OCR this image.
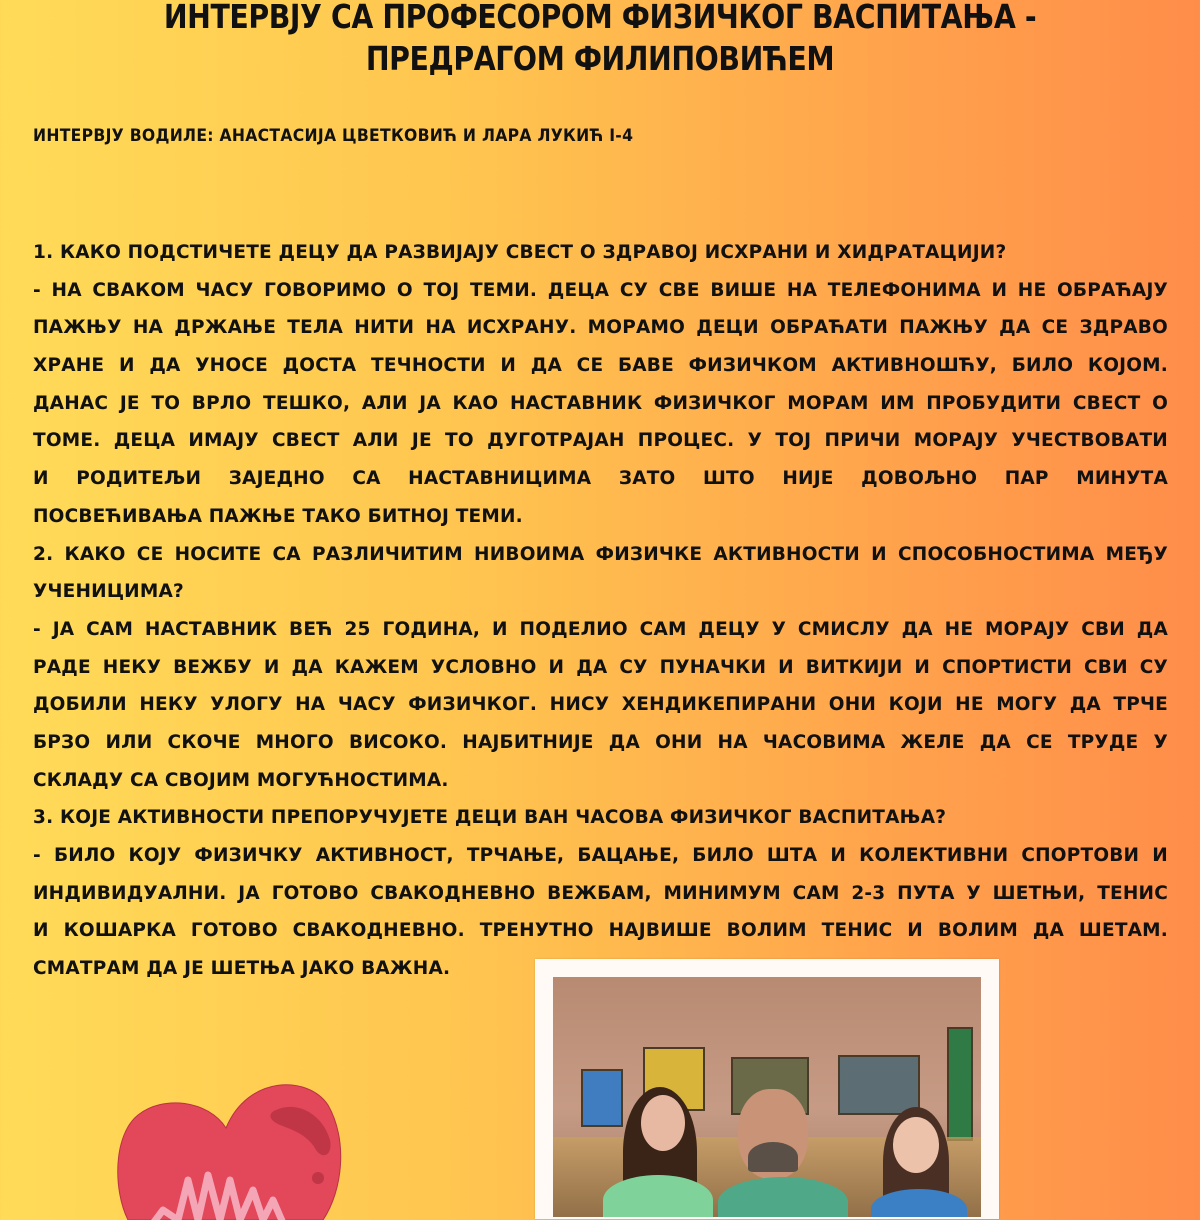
ИНТЕРВЈУ СА ПРОФЕСОРОМ ФИЗИЧКОГ ВАСПИТАЊА -
ПРЕДРАГОМ ФИЛИПОВИЋЕМ
ИНТЕРВЈУ ВОДИЛЕ: АНАСТАСИЈА ЦВЕТКОВИЋ И ЛАРА ЛУКИЋ I-4
1. КАКО ПОДСТИЧЕТЕ ДЕЦУ ДА РАЗВИЈАЈУ СВЕСТ О ЗДРАВОЈ ИСХРАНИ И ХИДРАТАЦИЈИ?
- НА СВАКОМ ЧАСУ ГОВОРИМО О ТОЈ ТЕМИ. ДЕЦА СУ СВЕ ВИШЕ НА ТЕЛЕФОНИМА И НЕ ОБРАЋАЈУ
ПАЖЊУ НА ДРЖАЊЕ ТЕЛА НИТИ НА ИСХРАНУ. МОРАМО ДЕЦИ ОБРАЋАТИ ПАЖЊУ ДА СЕ ЗДРАВО
ХРАНЕ И ДА УНОСЕ ДОСТА ТЕЧНОСТИ И ДА СЕ БАВЕ ФИЗИЧКОМ АКТИВНОШЋУ, БИЛО КОЈОМ.
ДАНАС ЈЕ ТО ВРЛО ТЕШКО, АЛИ ЈА КАО НАСТАВНИК ФИЗИЧКОГ МОРАМ ИМ ПРОБУДИТИ СВЕСТ О
ТОМЕ. ДЕЦА ИМАЈУ СВЕСТ АЛИ ЈЕ ТО ДУГОТРАЈАН ПРОЦЕС. У ТОЈ ПРИЧИ МОРАЈУ УЧЕСТВОВАТИ
И РОДИТЕЉИ ЗАЈЕДНО СА НАСТАВНИЦИМА ЗАТО ШТО НИЈЕ ДОВОЉНО ПАР МИНУТА
ПОСВЕЋИВАЊА ПАЖЊЕ ТАКО БИТНОЈ ТЕМИ.
2. КАКО СЕ НОСИТЕ СА РАЗЛИЧИТИМ НИВОИМА ФИЗИЧКЕ АКТИВНОСТИ И СПОСОБНОСТИМА МЕЂУ
УЧЕНИЦИМА?
- ЈА САМ НАСТАВНИК ВЕЋ 25 ГОДИНА, И ПОДЕЛИО САМ ДЕЦУ У СМИСЛУ ДА НЕ МОРАЈУ СВИ ДА
РАДЕ НЕКУ ВЕЖБУ И ДА КАЖЕМ УСЛОВНО И ДА СУ ПУНАЧКИ И ВИТКИЈИ И СПОРТИСТИ СВИ СУ
ДОБИЛИ НЕКУ УЛОГУ НА ЧАСУ ФИЗИЧКОГ. НИСУ ХЕНДИКЕПИРАНИ ОНИ КОЈИ НЕ МОГУ ДА ТРЧЕ
БРЗО ИЛИ СКОЧЕ МНОГО ВИСОКО. НАЈБИТНИЈЕ ДА ОНИ НА ЧАСОВИМА ЖЕЛЕ ДА СЕ ТРУДЕ У
СКЛАДУ СА СВОЈИМ МОГУЋНОСТИМА.
3. КОЈЕ АКТИВНОСТИ ПРЕПОРУЧУЈЕТЕ ДЕЦИ ВАН ЧАСОВА ФИЗИЧКОГ ВАСПИТАЊА?
- БИЛО КОЈУ ФИЗИЧКУ АКТИВНОСТ, ТРЧАЊЕ, БАЦАЊЕ, БИЛО ШТА И КОЛЕКТИВНИ СПОРТОВИ И
ИНДИВИДУАЛНИ. ЈА ГОТОВО СВАКОДНЕВНО ВЕЖБАМ, МИНИМУМ САМ 2-3 ПУТА У ШЕТЊИ, ТЕНИС
И КОШАРКА ГОТОВО СВАКОДНЕВНО. ТРЕНУТНО НАЈВИШЕ ВОЛИМ ТЕНИС И ВОЛИМ ДА ШЕТАМ.
СМАТРАМ ДА ЈЕ ШЕТЊА ЈАКО ВАЖНА.
